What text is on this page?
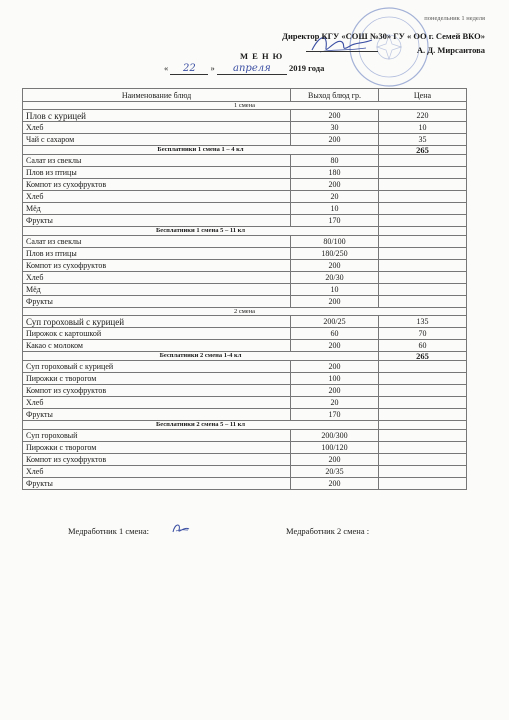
понедельник 1 неделя
Директор КГУ «СОШ №30» ГУ « ОО г. Семей ВКО»
А. Д. Мирсаитова
М Е Н Ю
« 22 » апреля 2019 года
Наименование блюд	Выход блюд гр.	Цена
1 смена		
Плов с курицей	200	220
Хлеб	30	10
Чай с сахаром	200	35
Бесплатники 1 смена 1 – 4 кл		265
Салат из свеклы	80	
Плов из птицы	180	
Компот из сухофруктов	200	
Хлеб	20	
Мёд	10	
Фрукты	170	
Бесплатники 1 смена 5 – 11 кл		
Салат из свеклы	80/100	
Плов из птицы	180/250	
Компот из сухофруктов	200	
Хлеб	20/30	
Мёд	10	
Фрукты	200	
2 смена		
Суп гороховый с курицей	200/25	135
Пирожок с картошкой	60	70
Какао с молоком	200	60
Бесплатники 2 смена 1-4 кл		265
Суп гороховый с курицей	200	
Пирожки с творогом	100	
Компот из сухофруктов	200	
Хлеб	20	
Фрукты	170	
Бесплатники 2 смена 5 – 11 кл		
Суп гороховый	200/300	
Пирожки с творогом	100/120	
Компот из сухофруктов	200	
Хлеб	20/35	
Фрукты	200	
Медработник 1 смена:	Медработник 2 смена :
